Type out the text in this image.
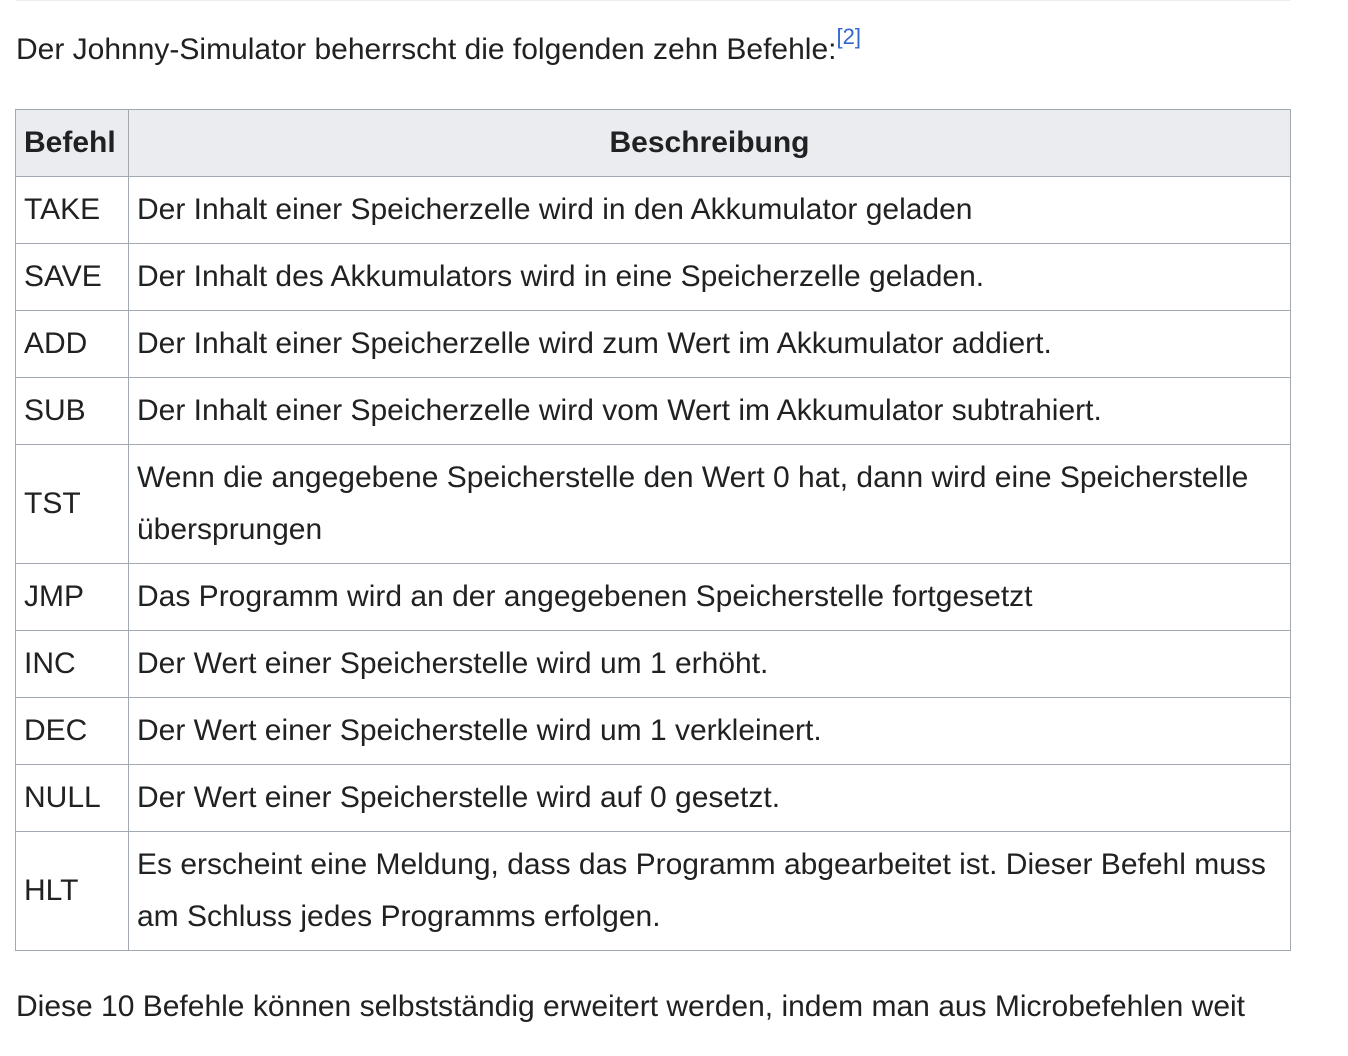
Der Johnny-Simulator beherrscht die folgenden zehn Befehle:[2]

Befehl	Beschreibung
TAKE	Der Inhalt einer Speicherzelle wird in den Akkumulator geladen
SAVE	Der Inhalt des Akkumulators wird in eine Speicherzelle geladen.
ADD	Der Inhalt einer Speicherzelle wird zum Wert im Akkumulator addiert.
SUB	Der Inhalt einer Speicherzelle wird vom Wert im Akkumulator subtrahiert.
TST	Wenn die angegebene Speicherstelle den Wert 0 hat, dann wird eine Speicherstelle übersprungen
JMP	Das Programm wird an der angegebenen Speicherstelle fortgesetzt
INC	Der Wert einer Speicherstelle wird um 1 erhöht.
DEC	Der Wert einer Speicherstelle wird um 1 verkleinert.
NULL	Der Wert einer Speicherstelle wird auf 0 gesetzt.
HLT	Es erscheint eine Meldung, dass das Programm abgearbeitet ist. Dieser Befehl muss am Schluss jedes Programms erfolgen.

Diese 10 Befehle können selbstständig erweitert werden, indem man aus Microbefehlen weit
